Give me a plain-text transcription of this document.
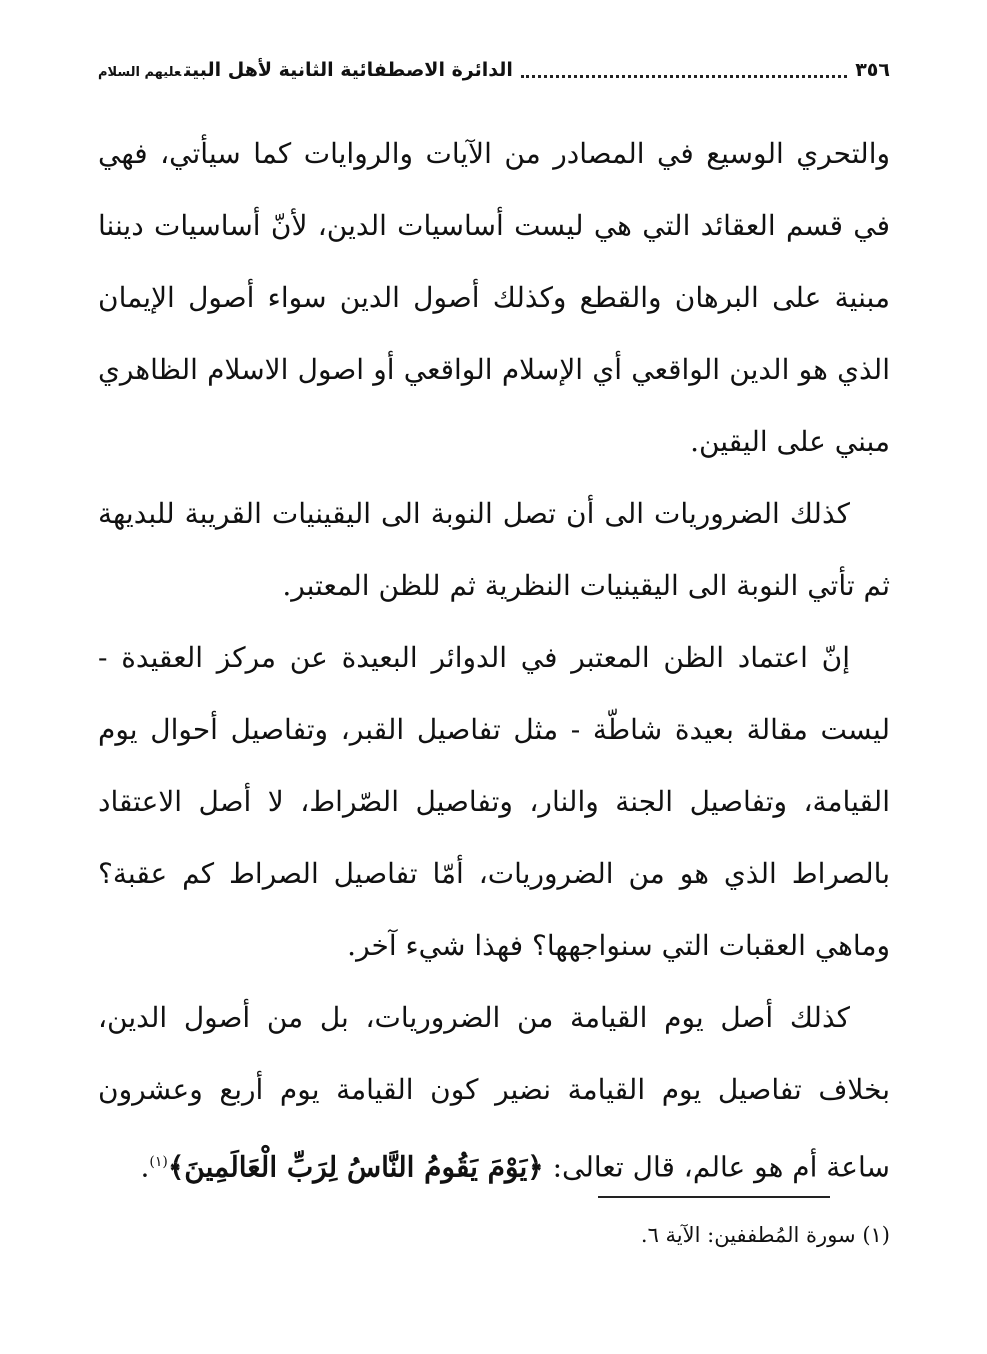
٣٥٦
الدائرة الاصطفائية الثانية لأهل البيتعليهم السلام

والتحري الوسيع في المصادر من الآيات والروايات كما سيأتي، فهي في قسم العقائد التي هي ليست أساسيات الدين، لأنّ أساسيات ديننا مبنية على البرهان والقطع وكذلك أصول الدين سواء أصول الإيمان الذي هو الدين الواقعي أي الإسلام الواقعي أو اصول الاسلام الظاهري مبني على اليقين.

كذلك الضروريات الى أن تصل النوبة الى اليقينيات القريبة للبديهة ثم تأتي النوبة الى اليقينيات النظرية ثم للظن المعتبر.

إنّ اعتماد الظن المعتبر في الدوائر البعيدة عن مركز العقيدة - ليست مقالة بعيدة شاطّة - مثل تفاصيل القبر، وتفاصيل أحوال يوم القيامة، وتفاصيل الجنة والنار، وتفاصيل الصّراط، لا أصل الاعتقاد بالصراط الذي هو من الضروريات، أمّا تفاصيل الصراط كم عقبة؟ وماهي العقبات التي سنواجهها؟ فهذا شيء آخر.

كذلك أصل يوم القيامة من الضروريات، بل من أصول الدين، بخلاف تفاصيل يوم القيامة نضير كون القيامة يوم أربع وعشرون ساعة أم هو عالم، قال تعالى: ﴿يَوْمَ يَقُومُ النَّاسُ لِرَبِّ الْعَالَمِينَ﴾$^{(١)}$.

(١) سورة المُطففين: الآية ٦.
